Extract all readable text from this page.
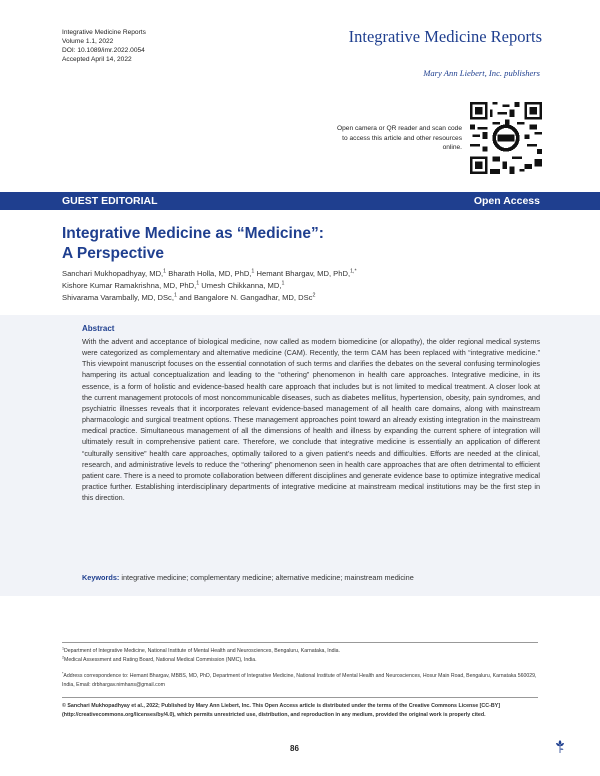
Integrative Medicine Reports
Volume 1.1, 2022
DOI: 10.1089/imr.2022.0054
Accepted April 14, 2022
Integrative Medicine Reports
Mary Ann Liebert, Inc. publishers
Open camera or QR reader and scan code to access this article and other resources online.
GUEST EDITORIAL	Open Access
Integrative Medicine as “Medicine”:
A Perspective
Sanchari Mukhopadhyay, MD,$^1$ Bharath Holla, MD, PhD,$^1$ Hemant Bhargav, MD, PhD,$^{1,*}$
Kishore Kumar Ramakrishna, MD, PhD,$^1$ Umesh Chikkanna, MD,$^1$
Shivarama Varambally, MD, DSc,$^1$ and Bangalore N. Gangadhar, MD, DSc$^2$
Abstract
With the advent and acceptance of biological medicine, now called as modern biomedicine (or allopathy), the older regional medical systems were categorized as complementary and alternative medicine (CAM). Recently, the term CAM has been replaced with “integrative medicine.” This viewpoint manuscript focuses on the essential connotation of such terms and clarifies the debates on the several confusing terminologies hampering its actual conceptualization and leading to the “othering” phenomenon in health care approaches. Integrative medicine, in its essence, is a form of holistic and evidence-based health care approach that includes but is not limited to medical treatment. A closer look at the current management protocols of most noncommunicable diseases, such as diabetes mellitus, hypertension, obesity, pain syndromes, and psychiatric illnesses reveals that it incorporates relevant evidence-based management of all health care domains, along with mainstream pharmacologic and surgical treatment options. These management approaches point toward an already existing integration in the mainstream medical practice. Simultaneous management of all the dimensions of health and illness by expanding the current sphere of integration will ultimately result in comprehensive patient care. Therefore, we conclude that integrative medicine is essentially an application of different “culturally sensitive” health care approaches, optimally tailored to a given patient’s needs and difficulties. Efforts are needed at the clinical, research, and administrative levels to reduce the “othering” phenomenon seen in health care approaches that are often detrimental to efficient patient care. There is a need to promote collaboration between different disciplines and generate evidence base to optimize integrative medical practice further. Establishing interdisciplinary departments of integrative medicine at mainstream medical institutions may be the first step in this direction.
Keywords: integrative medicine; complementary medicine; alternative medicine; mainstream medicine
$^1$Department of Integrative Medicine, National Institute of Mental Health and Neurosciences, Bengaluru, Karnataka, India.
$^2$Medical Assessment and Rating Board, National Medical Commission (NMC), India.
*Address correspondence to: Hemant Bhargav, MBBS, MD, PhD, Department of Integrative Medicine, National Institute of Mental Health and Neurosciences, Hosur Main Road, Bengaluru, Karnataka 560029, India, Email: drbhargav.nimhans@gmail.com
© Sanchari Mukhopadhyay et al., 2022; Published by Mary Ann Liebert, Inc. This Open Access article is distributed under the terms of the Creative Commons License [CC-BY] (http://creativecommons.org/licenses/by/4.0), which permits unrestricted use, distribution, and reproduction in any medium, provided the original work is properly cited.
86
